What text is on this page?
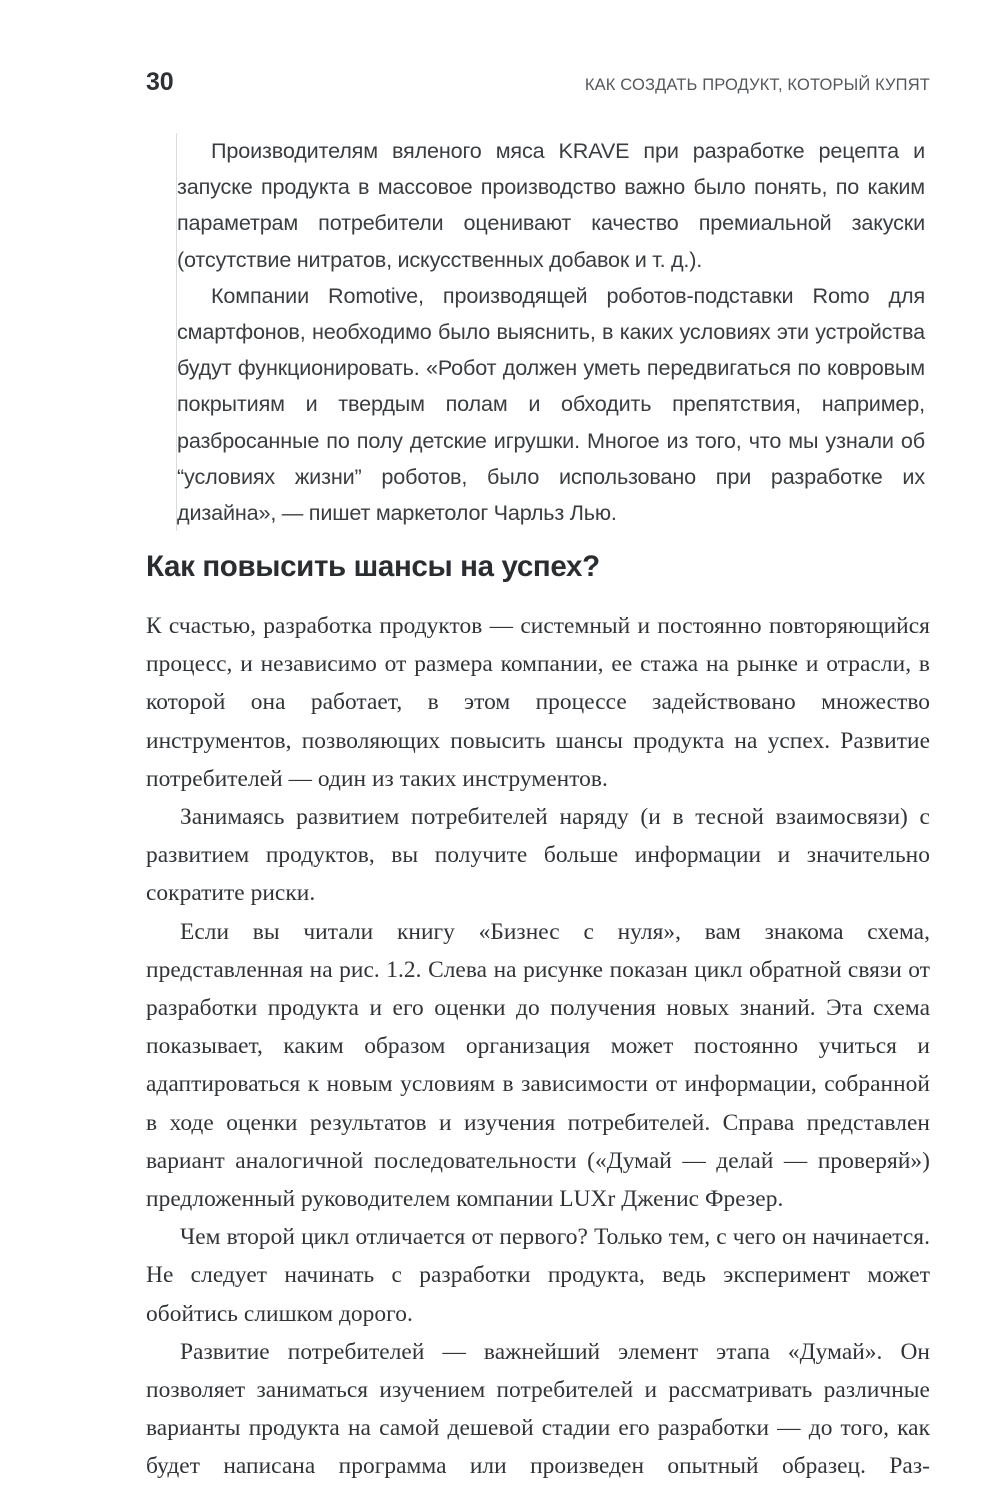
30	КАК СОЗДАТЬ ПРОДУКТ, КОТОРЫЙ КУПЯТ

Производителям вяленого мяса KRAVE при разработке рецепта и запуске продукта в массовое производство важно было понять, по каким параметрам потребители оценивают качество премиальной закуски (отсутствие нитратов, искусственных добавок и т. д.).

Компании Romotive, производящей роботов-подставки Romo для смартфонов, необходимо было выяснить, в каких условиях эти устройства будут функционировать. «Робот должен уметь передвигаться по ковровым покрытиям и твердым полам и обходить препятствия, например, разбросанные по полу детские игрушки. Многое из того, что мы узнали об “условиях жизни” роботов, было использовано при разработке их дизайна», — пишет маркетолог Чарльз Лью.

Как повысить шансы на успех?

К счастью, разработка продуктов — системный и постоянно повторяющийся процесс, и независимо от размера компании, ее стажа на рынке и отрасли, в которой она работает, в этом процессе задействовано множество инструментов, позволяющих повысить шансы продукта на успех. Развитие потребителей — один из таких инструментов.

Занимаясь развитием потребителей наряду (и в тесной взаимосвязи) с развитием продуктов, вы получите больше информации и значительно сократите риски.

Если вы читали книгу «Бизнес с нуля», вам знакома схема, представленная на рис. 1.2. Слева на рисунке показан цикл обратной связи от разработки продукта и его оценки до получения новых знаний. Эта схема показывает, каким образом организация может постоянно учиться и адаптироваться к новым условиям в зависимости от информации, собранной в ходе оценки результатов и изучения потребителей. Справа представлен вариант аналогичной последовательности («Думай — делай — проверяй») предложенный руководителем компании LUXr Дженис Фрезер.

Чем второй цикл отличается от первого? Только тем, с чего он начинается. Не следует начинать с разработки продукта, ведь эксперимент может обойтись слишком дорого.

Развитие потребителей — важнейший элемент этапа «Думай». Он позволяет заниматься изучением потребителей и рассматривать различные варианты продукта на самой дешевой стадии его разработки — до того, как будет написана программа или произведен опытный образец. Раз-
